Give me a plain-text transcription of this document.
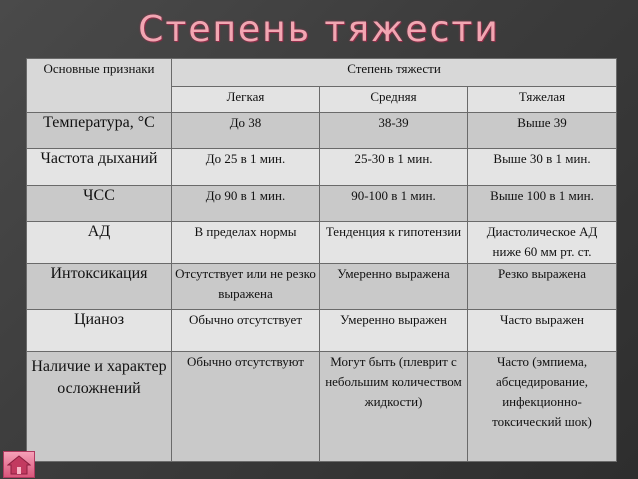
Степень тяжести
Основные признаки	Степень тяжести		
	Легкая	Средняя	Тяжелая
Температура, °С	До 38	38-39	Выше 39
Частота дыханий	До 25 в 1 мин.	25-30 в 1 мин.	Выше 30 в 1 мин.
ЧСС	До 90 в 1 мин.	90-100 в 1 мин.	Выше 100 в 1 мин.
АД	В пределах нормы	Тенденция к гипотензии	Диастолическое АД ниже 60 мм рт. ст.
Интоксикация	Отсутствует или не резко выражена	Умеренно выражена	Резко выражена
Цианоз	Обычно отсутствует	Умеренно выражен	Часто выражен
Наличие и характер осложнений	Обычно отсутствуют	Могут быть (плеврит с небольшим количеством жидкости)	Часто (эмпиема, абсцедирование, инфекционно-токсический шок)
